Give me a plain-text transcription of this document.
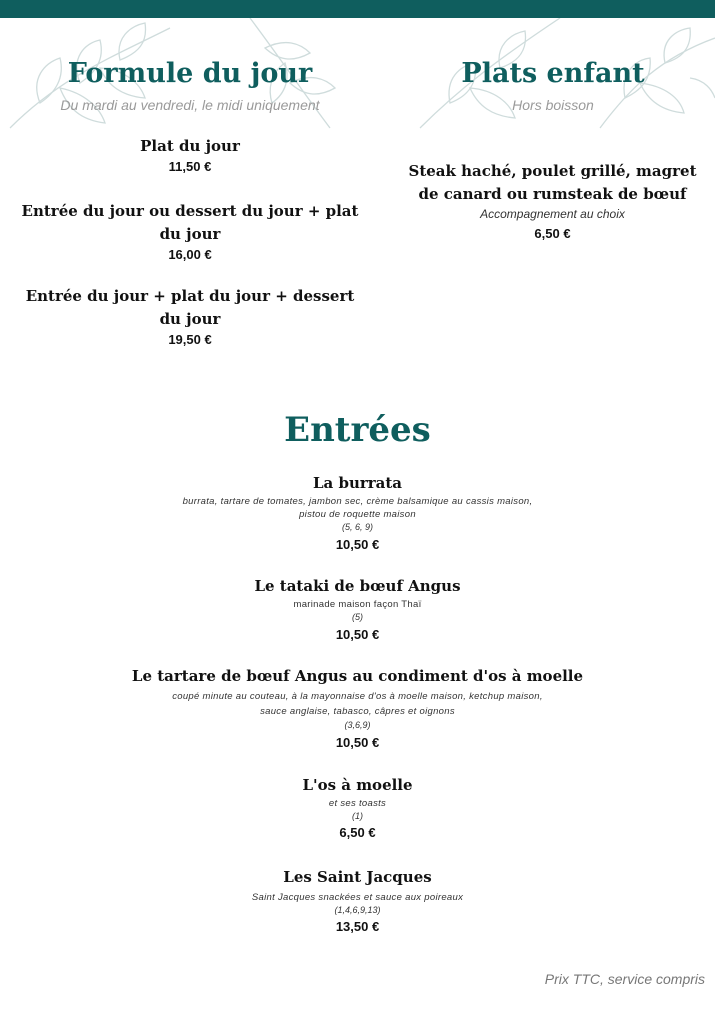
Formule du jour
Du mardi au vendredi, le midi uniquement
Plat du jour
11,50 €
Entrée du jour ou dessert du jour + plat
du jour
16,00 €
Entrée du jour + plat du jour + dessert
du jour
19,50 €
Plats enfant
Hors boisson
Steak haché, poulet grillé, magret
de canard ou rumsteak de bœuf
Accompagnement au choix
6,50 €
Entrées
La burrata
burrata, tartare de tomates, jambon sec, crème balsamique au cassis maison,
pistou de roquette maison
(5, 6, 9)
10,50 €
Le tataki de bœuf Angus
marinade maison façon Thaï
(5)
10,50 €
Le tartare de bœuf Angus au condiment d'os à moelle
coupé minute au couteau, à la mayonnaise d'os à moelle maison, ketchup maison,
sauce anglaise, tabasco, câpres et oignons
(3,6,9)
10,50 €
L'os à moelle
et ses toasts
(1)
6,50 €
Les Saint Jacques
Saint Jacques snackées et sauce aux poireaux
(1,4,6,9,13)
13,50 €
Prix TTC, service compris
